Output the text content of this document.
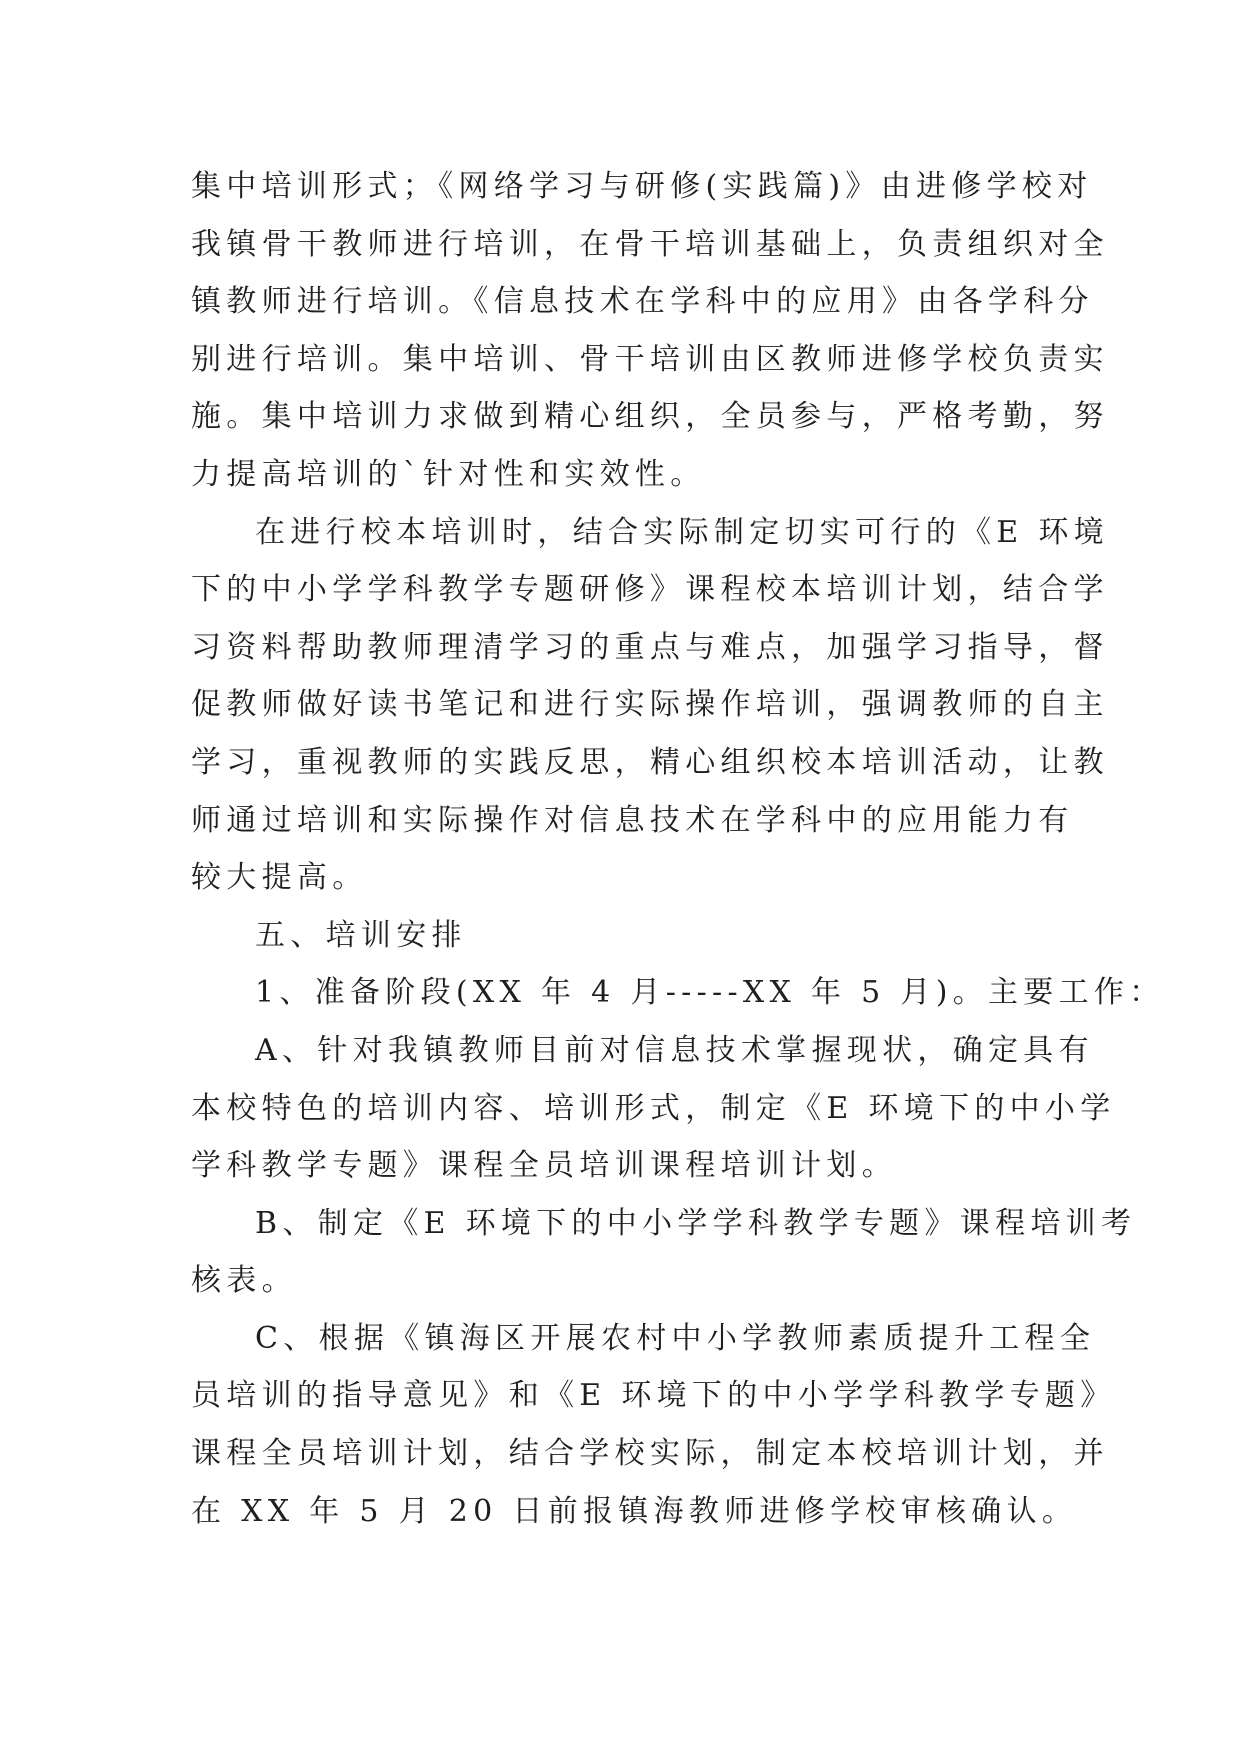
集中培训形式；《网络学习与研修(实践篇)》由进修学校对
我镇骨干教师进行培训，在骨干培训基础上，负责组织对全
镇教师进行培训。《信息技术在学科中的应用》由各学科分
别进行培训。集中培训、骨干培训由区教师进修学校负责实
施。集中培训力求做到精心组织，全员参与，严格考勤，努
力提高培训的`针对性和实效性。
在进行校本培训时，结合实际制定切实可行的《E 环境
下的中小学学科教学专题研修》课程校本培训计划，结合学
习资料帮助教师理清学习的重点与难点，加强学习指导，督
促教师做好读书笔记和进行实际操作培训，强调教师的自主
学习，重视教师的实践反思，精心组织校本培训活动，让教
师通过培训和实际操作对信息技术在学科中的应用能力有
较大提高。
五、培训安排
1、准备阶段(XX 年 4 月-----XX 年 5 月)。主要工作：
A、针对我镇教师目前对信息技术掌握现状，确定具有
本校特色的培训内容、培训形式，制定《E 环境下的中小学
学科教学专题》课程全员培训课程培训计划。
B、制定《E 环境下的中小学学科教学专题》课程培训考
核表。
C、根据《镇海区开展农村中小学教师素质提升工程全
员培训的指导意见》和《E 环境下的中小学学科教学专题》
课程全员培训计划，结合学校实际，制定本校培训计划，并
在 XX 年 5 月 20 日前报镇海教师进修学校审核确认。
